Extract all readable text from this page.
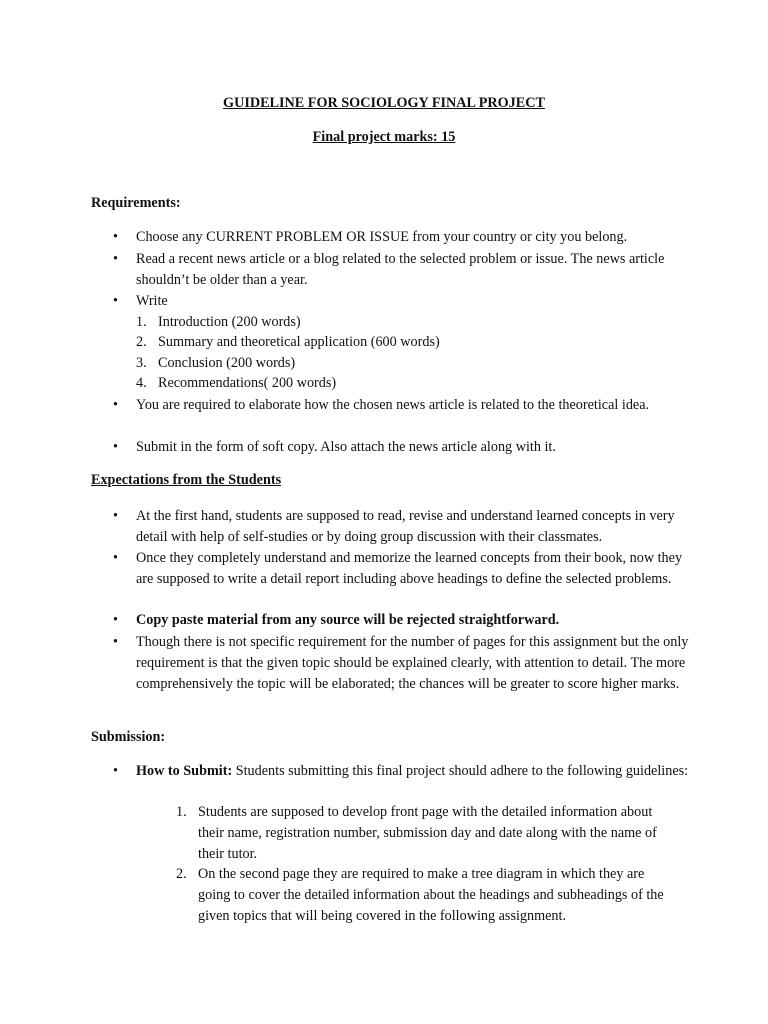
GUIDELINE FOR SOCIOLOGY FINAL PROJECT
Final project marks: 15
Requirements:
• Choose any CURRENT PROBLEM OR ISSUE from your country or city you belong.
• Read a recent news article or a blog related to the selected problem or issue. The news article shouldn’t be older than a year.
• Write
1. Introduction (200 words)
2. Summary and theoretical application (600 words)
3. Conclusion (200 words)
4. Recommendations( 200 words)
• You are required to elaborate how the chosen news article is related to the theoretical idea.
• Submit in the form of soft copy. Also attach the news article along with it.
Expectations from the Students
• At the first hand, students are supposed to read, revise and understand learned concepts in very detail with help of self-studies or by doing group discussion with their classmates.
• Once they completely understand and memorize the learned concepts from their book, now they are supposed to write a detail report including above headings to define the selected problems.
• Copy paste material from any source will be rejected straightforward.
• Though there is not specific requirement for the number of pages for this assignment but the only requirement is that the given topic should be explained clearly, with attention to detail. The more comprehensively the topic will be elaborated; the chances will be greater to score higher marks.
Submission:
• How to Submit: Students submitting this final project should adhere to the following guidelines:
1. Students are supposed to develop front page with the detailed information about their name, registration number, submission day and date along with the name of their tutor.
2. On the second page they are required to make a tree diagram in which they are going to cover the detailed information about the headings and subheadings of the given topics that will being covered in the following assignment.
